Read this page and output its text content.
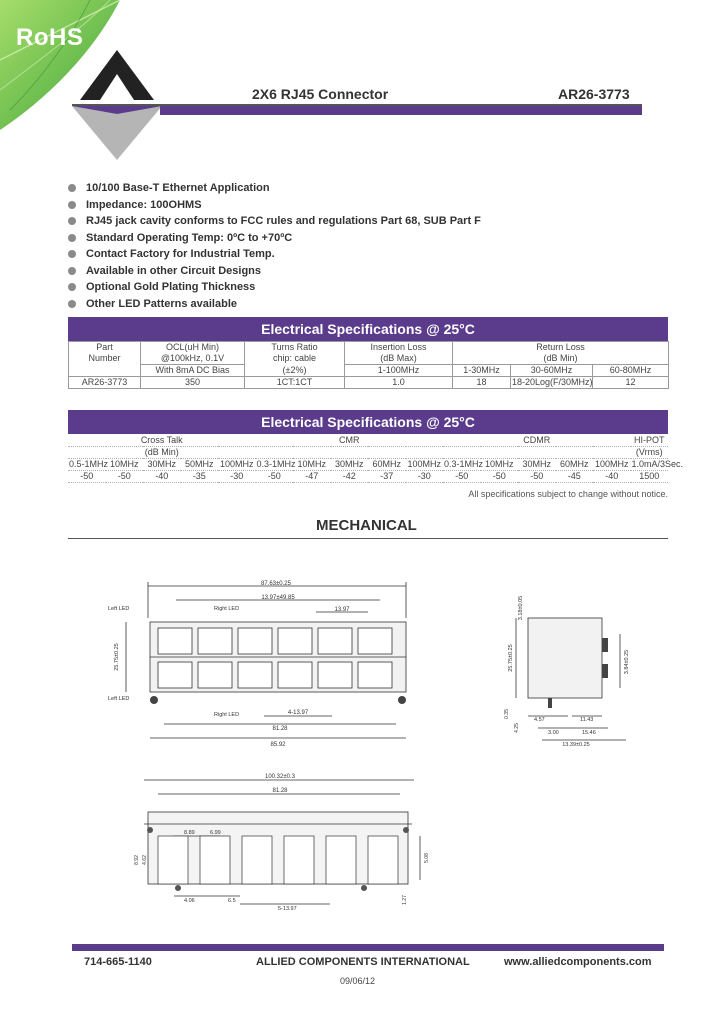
RoHS
2X6 RJ45 Connector	AR26-3773
10/100 Base-T Ethernet Application
Impedance: 100OHMS
RJ45 jack cavity conforms to FCC rules and regulations Part 68, SUB Part F
Standard Operating Temp: 0ºC to +70ºC
Contact Factory for Industrial Temp.
Available in other Circuit Designs
Optional Gold Plating Thickness
Other LED Patterns available
Electrical Specifications @ 25°C
Part	OCL(uH Min)	Turns Ratio	Insertion Loss	Return Loss		
Number	@100kHz, 0.1V	chip: cable	(dB Max)	(dB Min)		
	With 8mA DC Bias	(±2%)	1-100MHz	1-30MHz	30-60MHz	60-80MHz
AR26-3773	350	1CT:1CT	1.0	18	18-20Log(F/30MHz)	12
Electrical Specifications @ 25°C
Cross Talk					CMR					CDMR					HI-POT
(dB Min)															(Vrms)
0.5-1MHz	10MHz	30MHz	50MHz	100MHz	0.3-1MHz	10MHz	30MHz	60MHz	100MHz	0.3-1MHz	10MHz	30MHz	60MHz	100MHz	1.0mA/3Sec.
-50	-50	-40	-35	-30	-50	-47	-42	-37	-30	-50	-50	-50	-45	-40	1500
All specifications subject to change without notice.
MECHANICAL
87.63±0.25
13.97±49.85
13.97
Right LED
Left LED
25.75±0.25
Left LED
Right LED	4-13.97
81.28
85.92
3.18±0.05
25.75±0.25	3.84±0.25
0.35
4.25
4.57	11.43
3.00	15.46
13.39±0.25
100.32±0.3
81.28
8.92 4.62
6.99
8.89
4.06	6.5
5-13.97
1.27
5.08
714-665-1140	ALLIED COMPONENTS INTERNATIONAL	www.alliedcomponents.com
09/06/12
